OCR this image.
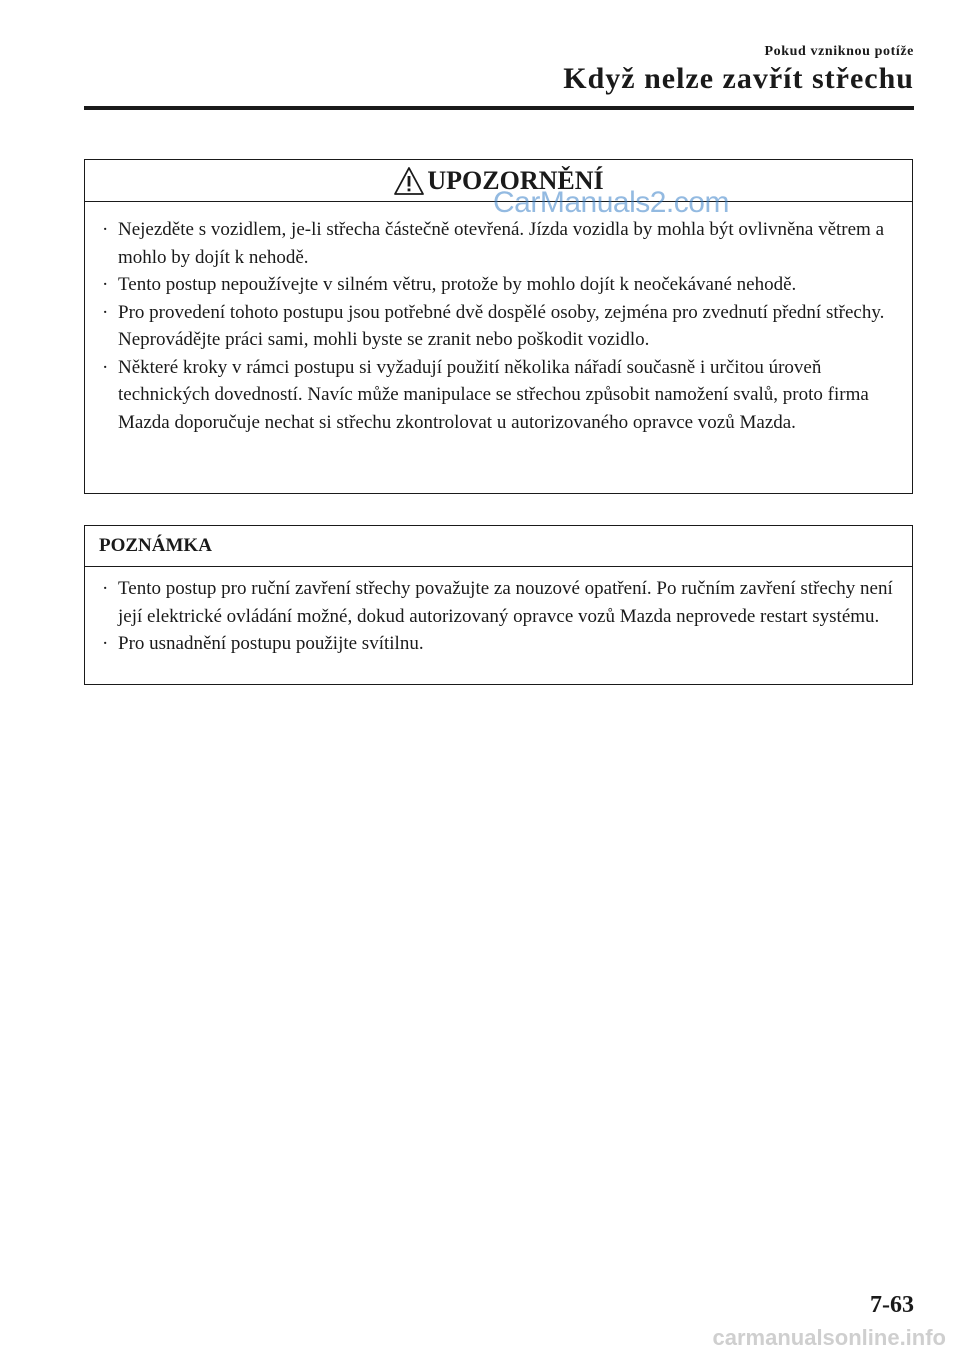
Pokud vzniknou potíže
Když nelze zavřít střechu
UPOZORNĚNÍ
· Nejezděte s vozidlem, je-li střecha částečně otevřená. Jízda vozidla by mohla být ovlivněna větrem a mohlo by dojít k nehodě.
· Tento postup nepoužívejte v silném větru, protože by mohlo dojít k neočekávané nehodě.
· Pro provedení tohoto postupu jsou potřebné dvě dospělé osoby, zejména pro zvednutí přední střechy. Neprovádějte práci sami, mohli byste se zranit nebo poškodit vozidlo.
· Některé kroky v rámci postupu si vyžadují použití několika nářadí současně i určitou úroveň technických dovedností. Navíc může manipulace se střechou způsobit namožení svalů, proto firma Mazda doporučuje nechat si střechu zkontrolovat u autorizovaného opravce vozů Mazda.
CarManuals2.com
POZNÁMKA
· Tento postup pro ruční zavření střechy považujte za nouzové opatření. Po ručním zavření střechy není její elektrické ovládání možné, dokud autorizovaný opravce vozů Mazda neprovede restart systému.
· Pro usnadnění postupu použijte svítilnu.
7-63
carmanualsonline.info
